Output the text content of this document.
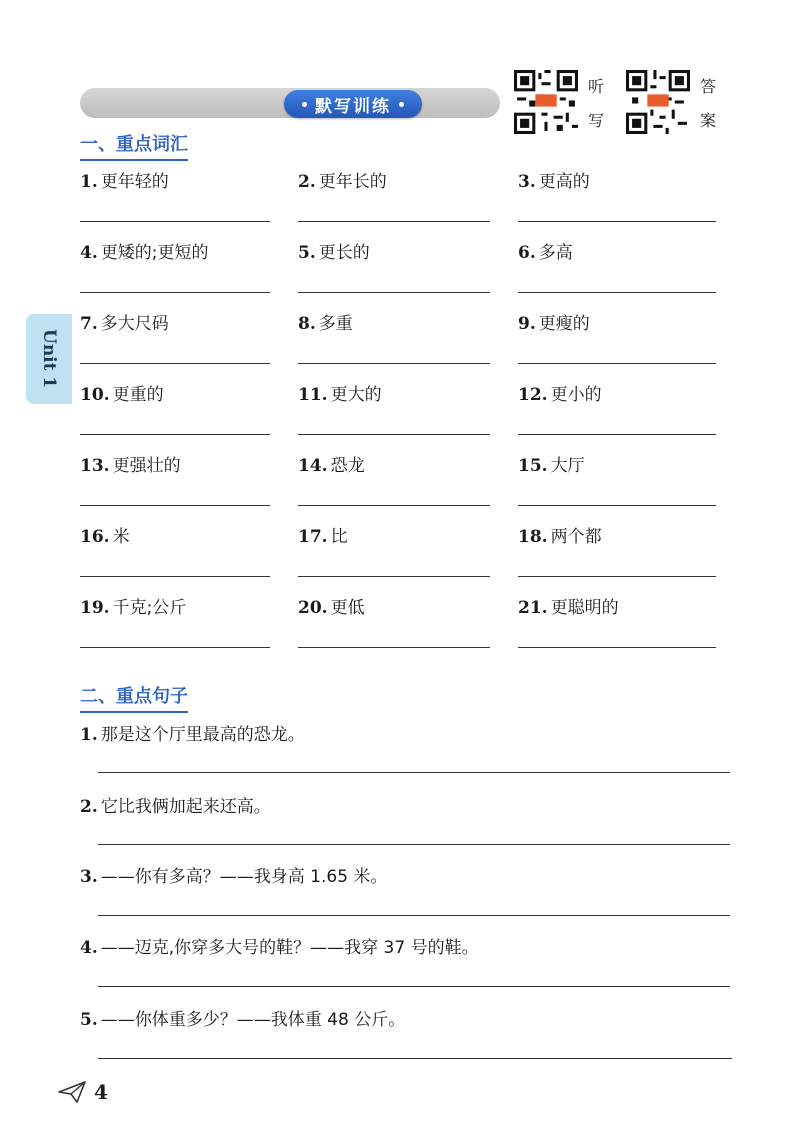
默写训练
听
写
答
案
Unit 1
一、重点词汇
1. 更年轻的	2. 更年长的	3. 更高的
4. 更矮的;更短的	5. 更长的	6. 多高
7. 多大尺码	8. 多重	9. 更瘦的
10. 更重的	11. 更大的	12. 更小的
13. 更强壮的	14. 恐龙	15. 大厅
16. 米	17. 比	18. 两个都
19. 千克;公斤	20. 更低	21. 更聪明的
二、重点句子
1. 那是这个厅里最高的恐龙。
2. 它比我俩加起来还高。
3. ——你有多高？——我身高 1.65 米。
4. ——迈克,你穿多大号的鞋？——我穿 37 号的鞋。
5. ——你体重多少？——我体重 48 公斤。
4
